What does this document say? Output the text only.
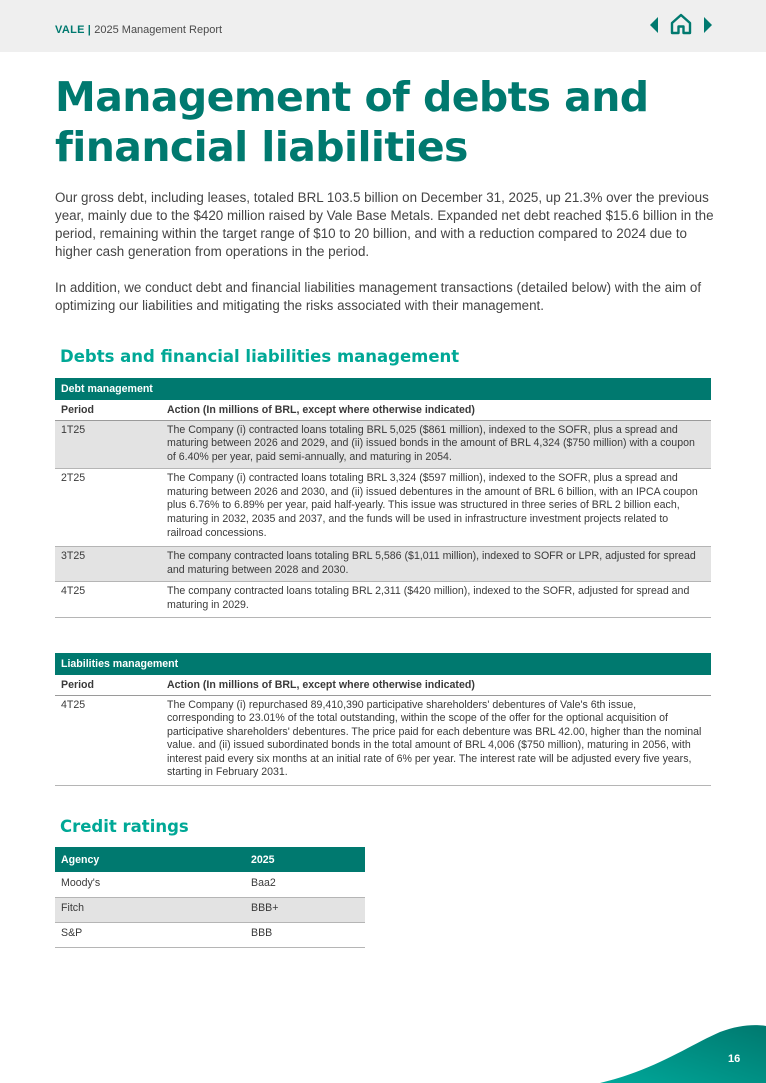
VALE | 2025 Management Report
Management of debts and
financial liabilities

Our gross debt, including leases, totaled BRL 103.5 billion on December 31, 2025, up 21.3% over the previous year, mainly due to the $420 million raised by Vale Base Metals. Expanded net debt reached $15.6 billion in the period, remaining within the target range of $10 to 20 billion, and with a reduction compared to 2024 due to higher cash generation from operations in the period.

In addition, we conduct debt and financial liabilities management transactions (detailed below) with the aim of optimizing our liabilities and mitigating the risks associated with their management.

Debts and financial liabilities management
Debt management	
Period	Action (In millions of BRL, except where otherwise indicated)
1T25	The Company (i) contracted loans totaling BRL 5,025 ($861 million), indexed to the SOFR, plus a spread and maturing between 2026 and 2029, and (ii) issued bonds in the amount of BRL 4,324 ($750 million) with a coupon of 6.40% per year, paid semi-annually, and maturing in 2054.
2T25	The Company (i) contracted loans totaling BRL 3,324 ($597 million), indexed to the SOFR, plus a spread and maturing between 2026 and 2030, and (ii) issued debentures in the amount of BRL 6 billion, with an IPCA coupon plus 6.76% to 6.89% per year, paid half-yearly. This issue was structured in three series of BRL 2 billion each, maturing in 2032, 2035 and 2037, and the funds will be used in infrastructure investment projects related to railroad concessions.
3T25	The company contracted loans totaling BRL 5,586 ($1,011 million), indexed to SOFR or LPR, adjusted for spread and maturing between 2028 and 2030.
4T25	The company contracted loans totaling BRL 2,311 ($420 million), indexed to the SOFR, adjusted for spread and maturing in 2029.
Liabilities management	
Period	Action (In millions of BRL, except where otherwise indicated)
4T25	The Company (i) repurchased 89,410,390 participative shareholders' debentures of Vale's 6th issue, corresponding to 23.01% of the total outstanding, within the scope of the offer for the optional acquisition of participative shareholders' debentures. The price paid for each debenture was BRL 42.00, higher than the nominal value. and (ii) issued subordinated bonds in the total amount of BRL 4,006 ($750 million), maturing in 2056, with interest paid every six months at an initial rate of 6% per year. The interest rate will be adjusted every five years, starting in February 2031.
Credit ratings
Agency	2025
Moody's	Baa2
Fitch	BBB+
S&P	BBB
16
